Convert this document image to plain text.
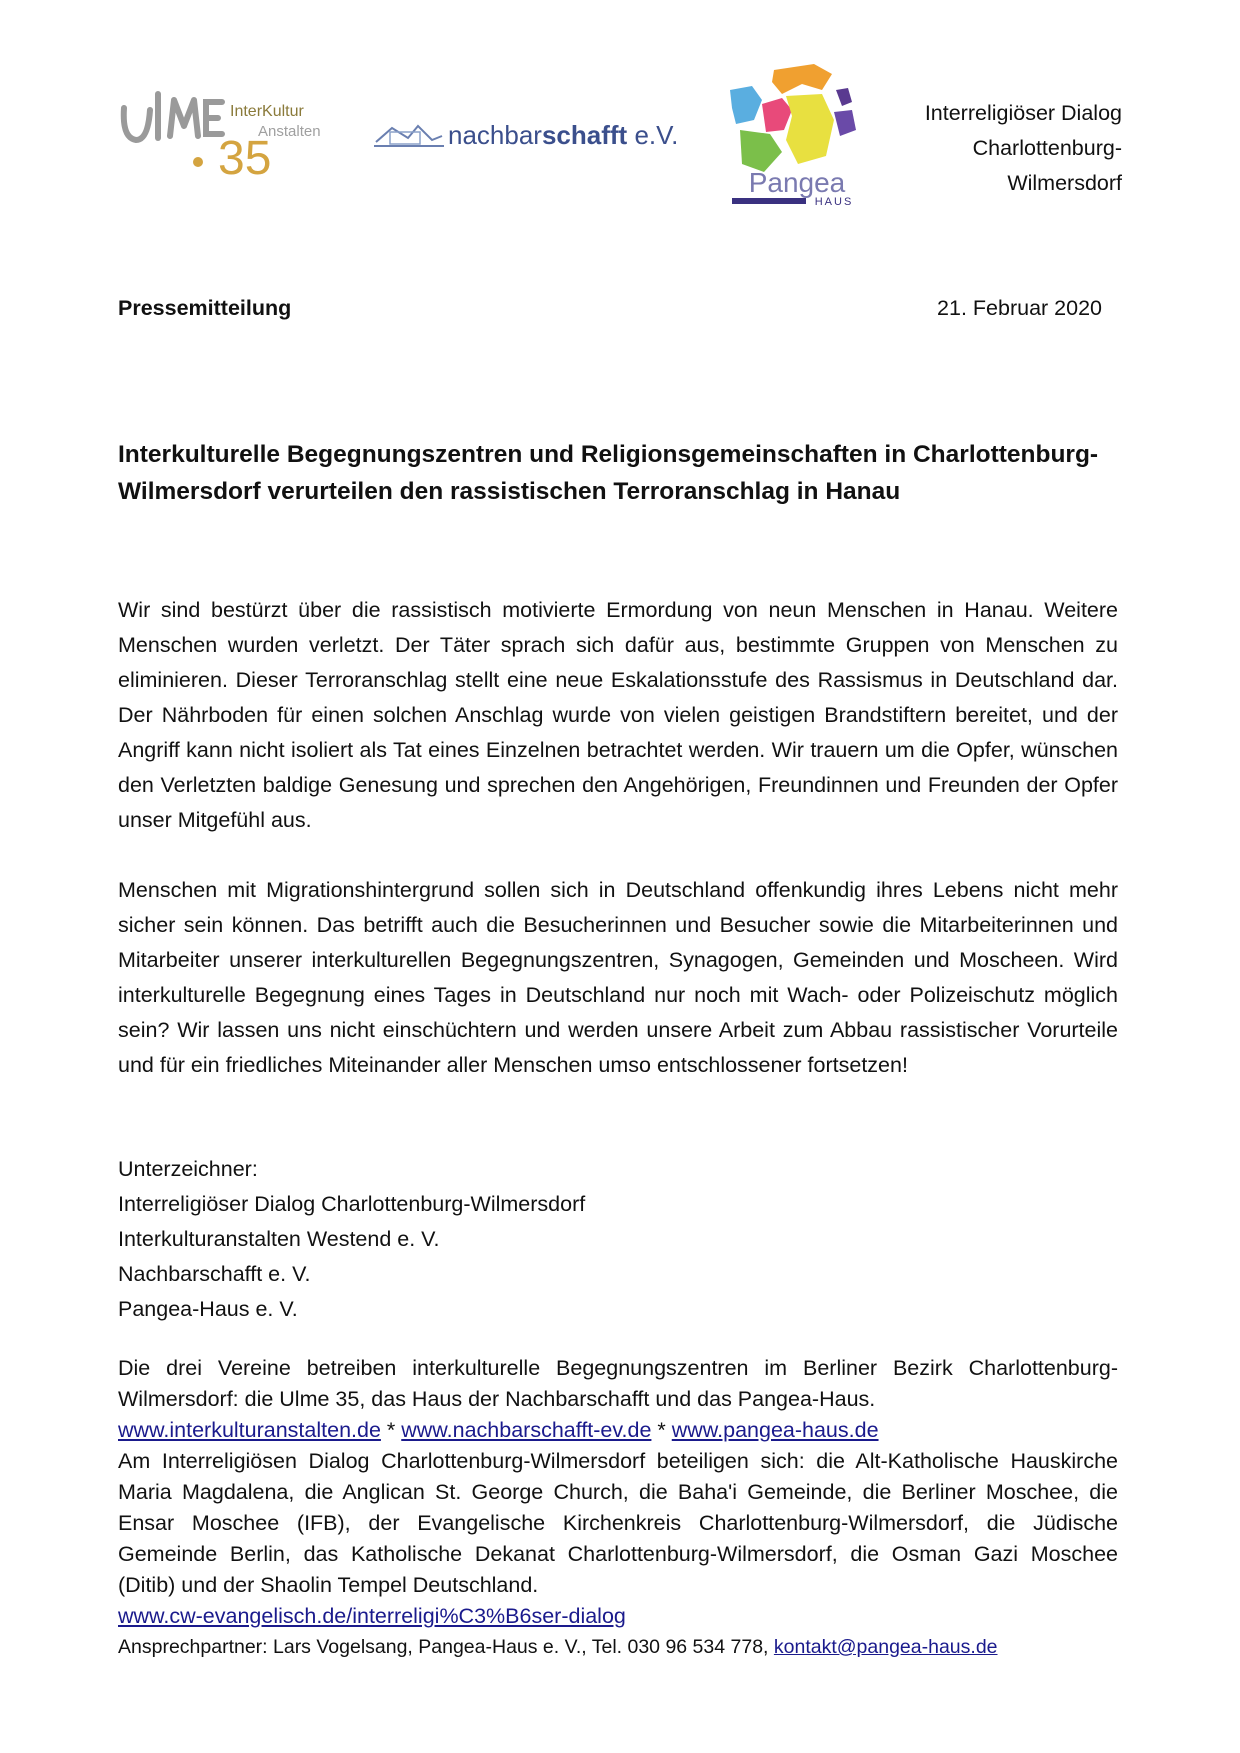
35
InterKultur
Anstalten	nachbarschafft e.V.
Pangea
HAUS
Interreligiöser Dialog
Charlottenburg-
Wilmersdorf
Pressemitteilung	21. Februar 2020
Interkulturelle Begegnungszentren und Religionsgemeinschaften in Charlottenburg-
Wilmersdorf verurteilen den rassistischen Terroranschlag in Hanau
Wir sind bestürzt über die rassistisch motivierte Ermordung von neun Menschen in Hanau. Weitere Menschen wurden verletzt. Der Täter sprach sich dafür aus, bestimmte Gruppen von Menschen zu eliminieren. Dieser Terroranschlag stellt eine neue Eskalationsstufe des Rassismus in Deutschland dar. Der Nährboden für einen solchen Anschlag wurde von vielen geistigen Brandstiftern bereitet, und der Angriff kann nicht isoliert als Tat eines Einzelnen betrachtet werden. Wir trauern um die Opfer, wünschen den Verletzten baldige Genesung und sprechen den Angehörigen, Freundinnen und Freunden der Opfer unser Mitgefühl aus.
Menschen mit Migrationshintergrund sollen sich in Deutschland offenkundig ihres Lebens nicht mehr sicher sein können. Das betrifft auch die Besucherinnen und Besucher sowie die Mitarbeiterinnen und Mitarbeiter unserer interkulturellen Begegnungszentren, Synagogen, Gemeinden und Moscheen. Wird interkulturelle Begegnung eines Tages in Deutschland nur noch mit Wach- oder Polizeischutz möglich sein? Wir lassen uns nicht einschüchtern und werden unsere Arbeit zum Abbau rassistischer Vorurteile und für ein friedliches Miteinander aller Menschen umso entschlossener fortsetzen!
Unterzeichner:
Interreligiöser Dialog Charlottenburg-Wilmersdorf
Interkulturanstalten Westend e. V.
Nachbarschafft e. V.
Pangea-Haus e. V.
Die drei Vereine betreiben interkulturelle Begegnungszentren im Berliner Bezirk Charlottenburg-Wilmersdorf: die Ulme 35, das Haus der Nachbarschafft und das Pangea-Haus.
www.interkulturanstalten.de * www.nachbarschafft-ev.de * www.pangea-haus.de
Am Interreligiösen Dialog Charlottenburg-Wilmersdorf beteiligen sich: die Alt-Katholische Hauskirche Maria Magdalena, die Anglican St. George Church, die Baha'i Gemeinde, die Berliner Moschee, die Ensar Moschee (IFB), der Evangelische Kirchenkreis Charlottenburg-Wilmersdorf, die Jüdische Gemeinde Berlin, das Katholische Dekanat Charlottenburg-Wilmersdorf, die Osman Gazi Moschee (Ditib) und der Shaolin Tempel Deutschland.
www.cw-evangelisch.de/interreligi%C3%B6ser-dialog
Ansprechpartner: Lars Vogelsang, Pangea-Haus e. V., Tel. 030 96 534 778, kontakt@pangea-haus.de
